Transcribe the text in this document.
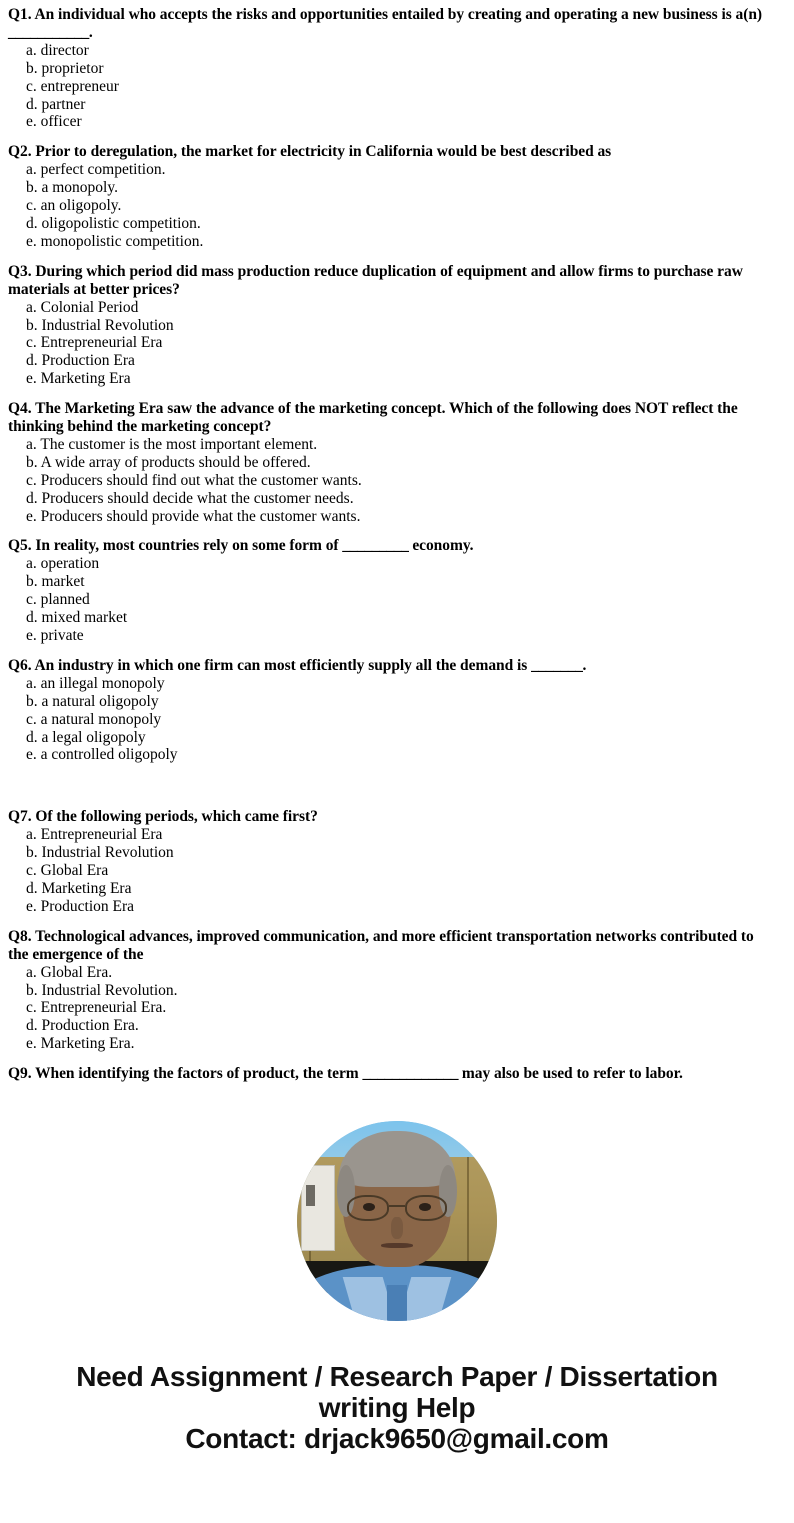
Q1. An individual who accepts the risks and opportunities entailed by creating and operating a new business is a(n) ___________.

a. director
b. proprietor
c. entrepreneur
d. partner
e. officer

Q2. Prior to deregulation, the market for electricity in California would be best described as

a. perfect competition.
b. a monopoly.
c. an oligopoly.
d. oligopolistic competition.
e. monopolistic competition.

Q3. During which period did mass production reduce duplication of equipment and allow firms to purchase raw materials at better prices?

a. Colonial Period
b. Industrial Revolution
c. Entrepreneurial Era
d. Production Era
e. Marketing Era

Q4. The Marketing Era saw the advance of the marketing concept. Which of the following does NOT reflect the thinking behind the marketing concept?

a. The customer is the most important element.
b. A wide array of products should be offered.
c. Producers should find out what the customer wants.
d. Producers should decide what the customer needs.
e. Producers should provide what the customer wants.

Q5. In reality, most countries rely on some form of _________ economy.

a. operation
b. market
c. planned
d. mixed market
e. private

Q6. An industry in which one firm can most efficiently supply all the demand is _______.

a. an illegal monopoly
b. a natural oligopoly
c. a natural monopoly
d. a legal oligopoly
e. a controlled oligopoly

Q7. Of the following periods, which came first?

a. Entrepreneurial Era
b. Industrial Revolution
c. Global Era
d. Marketing Era
e. Production Era

Q8. Technological advances, improved communication, and more efficient transportation networks contributed to the emergence of the

a. Global Era.
b. Industrial Revolution.
c. Entrepreneurial Era.
d. Production Era.
e. Marketing Era.

Q9. When identifying the factors of product, the term _____________ may also be used to refer to labor.

Need Assignment / Research Paper / Dissertation
writing Help
Contact: drjack9650@gmail.com
